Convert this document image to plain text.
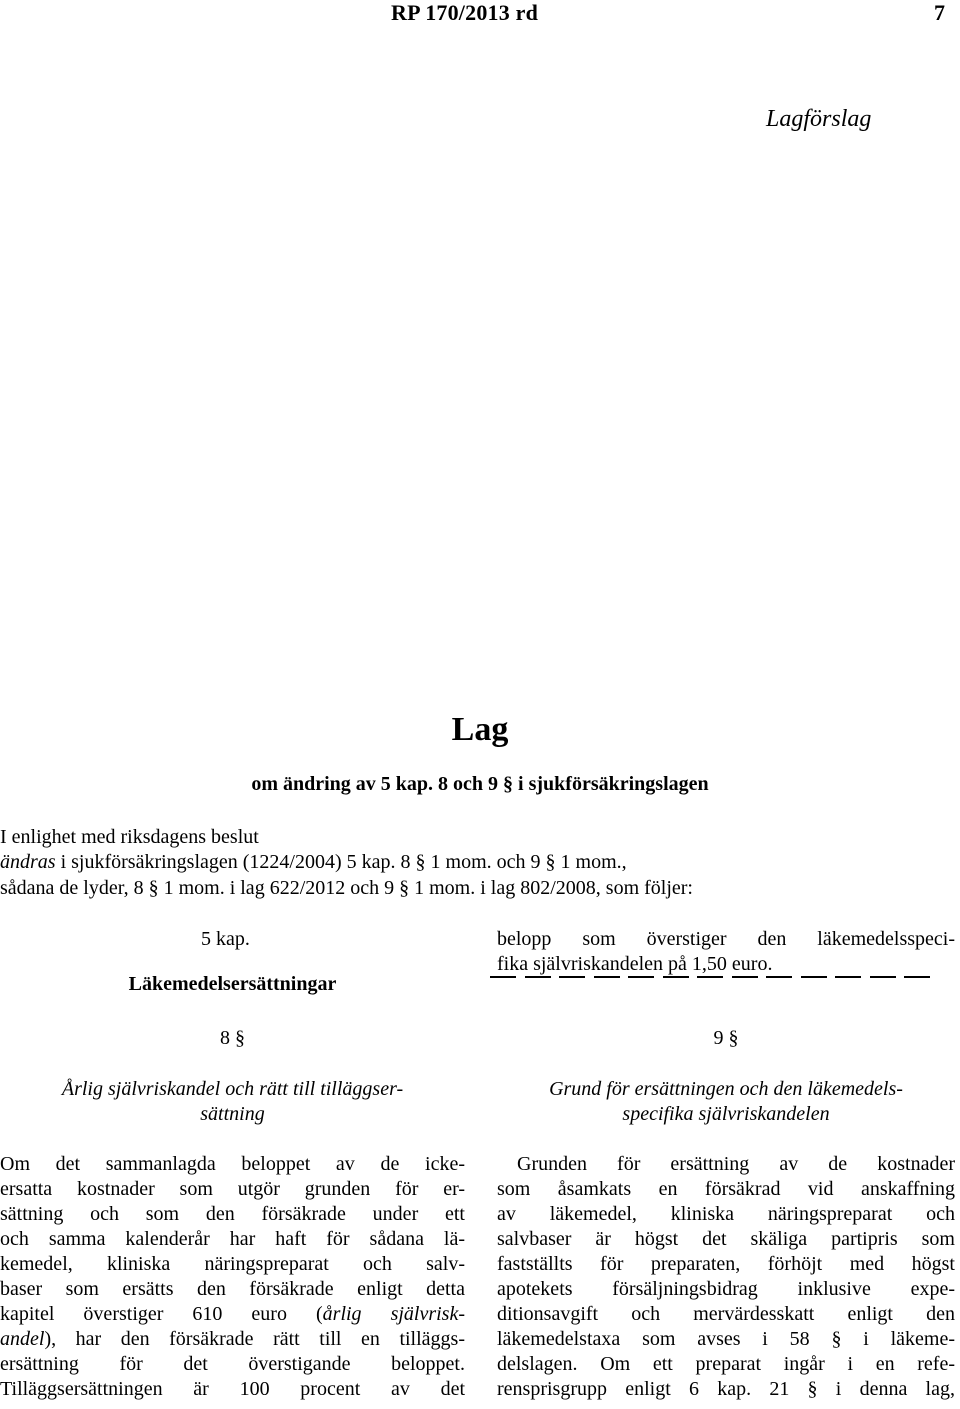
RP 170/2013 rd	7
Lagförslag
Lag
om ändring av 5 kap. 8 och 9 § i sjukförsäkringslagen
I enlighet med riksdagens beslut
ändras i sjukförsäkringslagen (1224/2004) 5 kap. 8 § 1 mom. och 9 § 1 mom.,
sådana de lyder, 8 § 1 mom. i lag 622/2012 och 9 § 1 mom. i lag 802/2008, som följer:
5 kap.
Läkemedelsersättningar
8 §
Årlig självriskandel och rätt till tilläggser-
sättning
Om det sammanlagda beloppet av de icke-
ersatta kostnader som utgör grunden för er-
sättning och som den försäkrade under ett
och samma kalenderår har haft för sådana lä-
kemedel, kliniska näringspreparat och salv-
baser som ersätts den försäkrade enligt detta
kapitel överstiger 610 euro (årlig självrisk-
andel), har den försäkrade rätt till en tilläggs-
ersättning för det överstigande beloppet.
Tilläggsersättningen är 100 procent av det
belopp som överstiger den läkemedelsspeci-
fika självriskandelen på 1,50 euro.
9 §
Grund för ersättningen och den läkemedels-
specifika självriskandelen
Grunden för ersättning av de kostnader
som åsamkats en försäkrad vid anskaffning
av läkemedel, kliniska näringspreparat och
salvbaser är högst det skäliga partipris som
fastställts för preparaten, förhöjt med högst
apotekets försäljningsbidrag inklusive expe-
ditionsavgift och mervärdesskatt enligt den
läkemedelstaxa som avses i 58 § i läkeme-
delslagen. Om ett preparat ingår i en refe-
rensprisgrupp enligt 6 kap. 21 § i denna lag,
